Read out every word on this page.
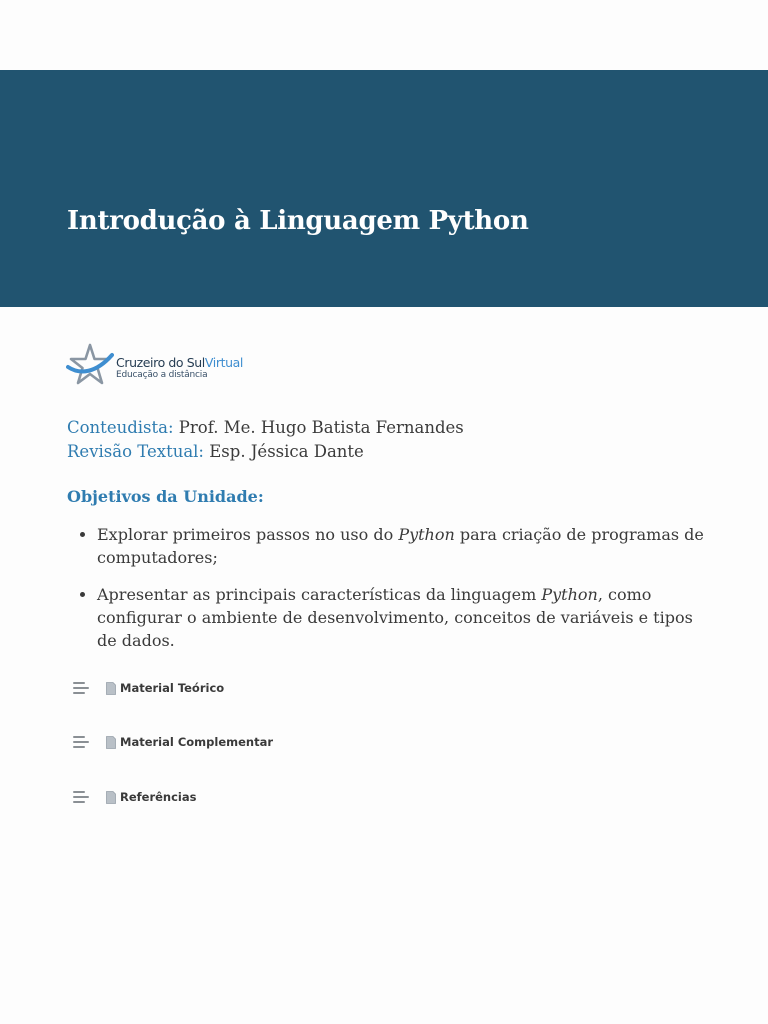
Introdução à Linguagem Python
Cruzeiro do SulVirtual
Educação a distância
Conteudista: Prof. Me. Hugo Batista Fernandes
Revisão Textual: Esp. Jéssica Dante
Objetivos da Unidade:
• Explorar primeiros passos no uso do Python para criação de programas de computadores;
• Apresentar as principais características da linguagem Python, como configurar o ambiente de desenvolvimento, conceitos de variáveis e tipos de dados.
Material Teórico
Material Complementar
Referências
